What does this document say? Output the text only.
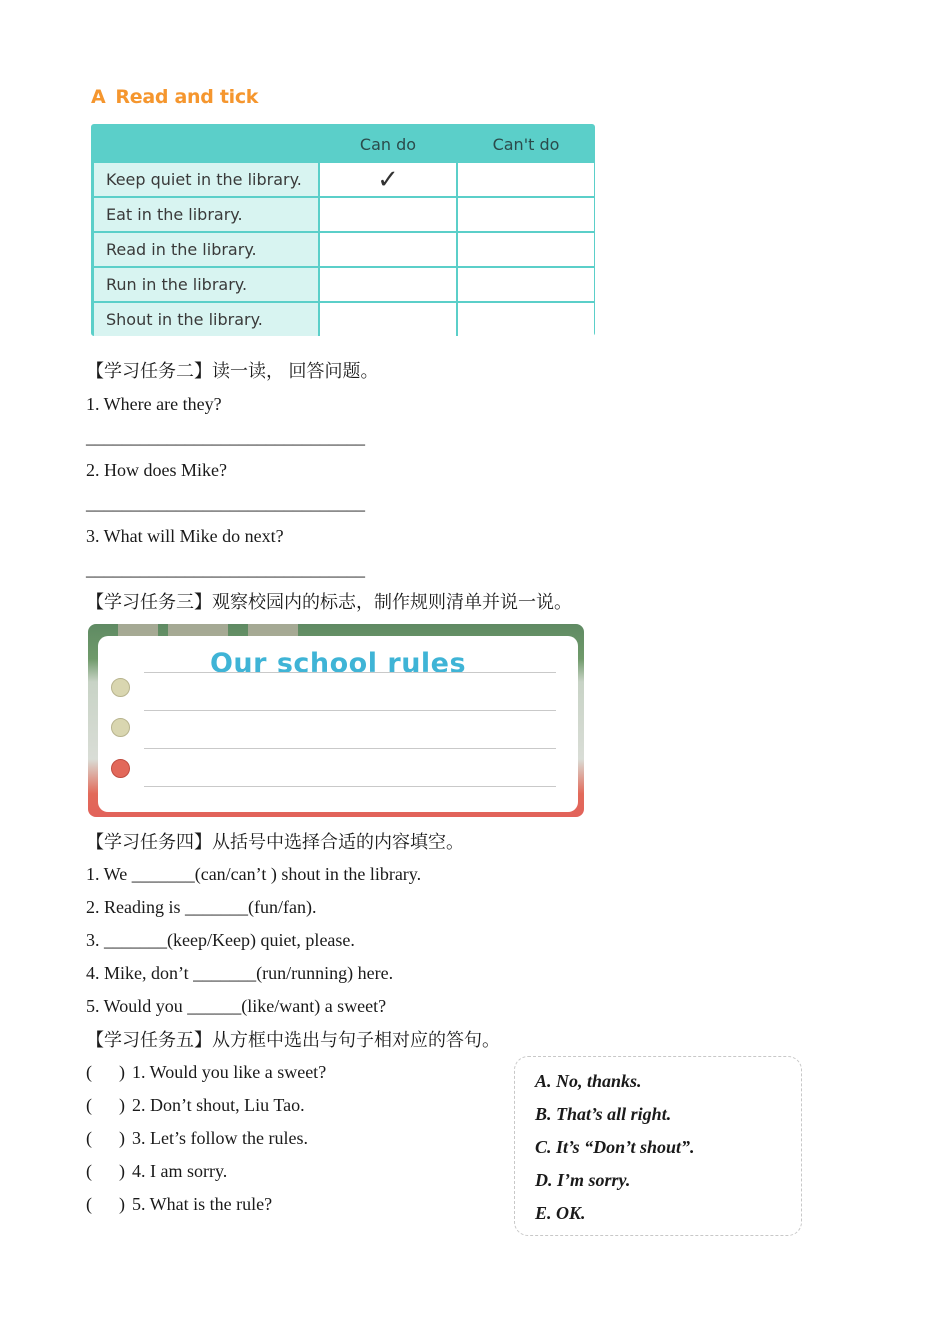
A Read and tick
Can do	Can't do
Keep quiet in the library.	✓
Eat in the library.
Read in the library.
Run in the library.
Shout in the library.
【学习任务二】读一读， 回答问题。
1. Where are they?
_______________________________
2. How does Mike?
_______________________________
3. What will Mike do next?
_______________________________
【学习任务三】观察校园内的标志，制作规则清单并说一说。
Our school rules
【学习任务四】从括号中选择合适的内容填空。
1. We _______(can/can’t ) shout in the library.
2. Reading is _______(fun/fan).
3. _______(keep/Keep) quiet, please.
4. Mike, don’t _______(run/running) here.
5. Would you ______(like/want) a sweet?
【学习任务五】从方框中选出与句子相对应的答句。
(      ) 1. Would you like a sweet?
(      ) 2. Don’t shout, Liu Tao.
(      ) 3. Let’s follow the rules.
(      ) 4. I am sorry.
(      ) 5. What is the rule?
A. No, thanks.
B. That’s all right.
C. It’s “Don’t shout”.
D. I’m sorry.
E. OK.
